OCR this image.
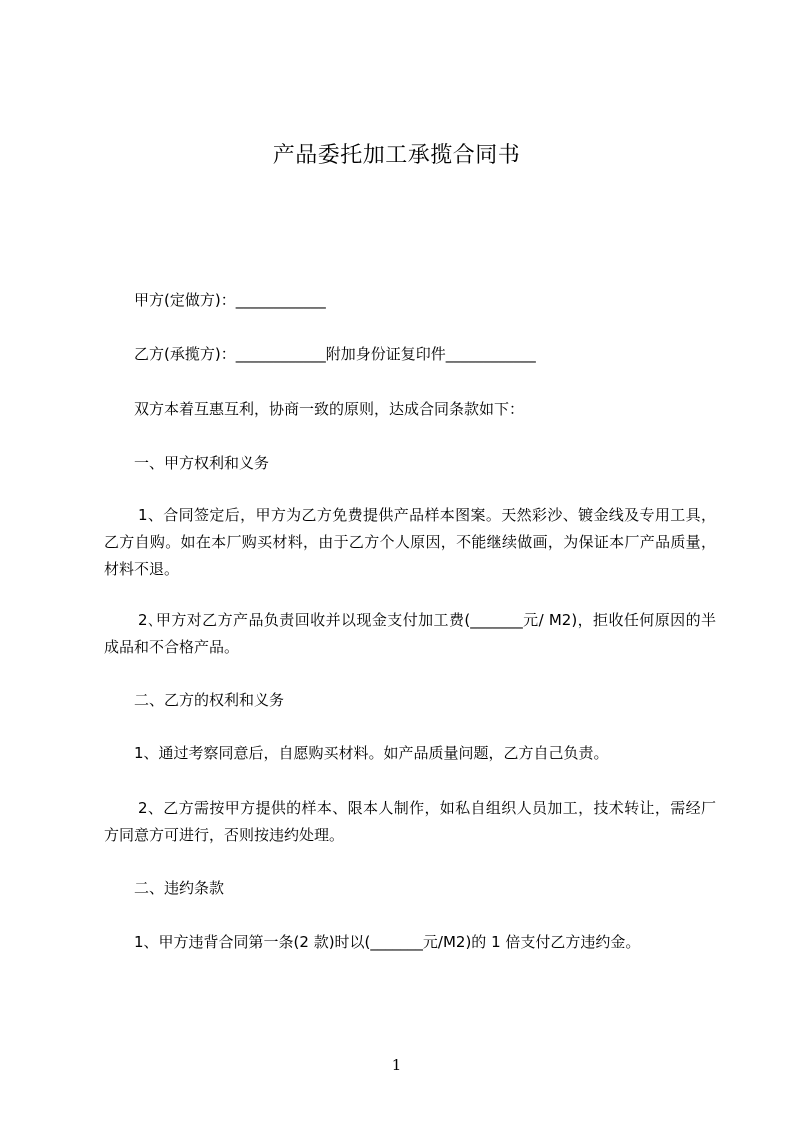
产品委托加工承揽合同书
甲方(定做方)：____________
乙方(承揽方)：____________附加身份证复印件____________
双方本着互惠互利，协商一致的原则，达成合同条款如下：
一、甲方权利和义务
1、合同签定后，甲方为乙方免费提供产品样本图案。天然彩沙、镀金线及专用工具，乙方自购。如在本厂购买材料，由于乙方个人原因，不能继续做画，为保证本厂产品质量，材料不退。
2､甲方对乙方产品负责回收并以现金支付加工费(_______元/ M2)，拒收任何原因的半成品和不合格产品。
二、乙方的权利和义务
1、通过考察同意后，自愿购买材料。如产品质量问题，乙方自己负责。
2、乙方需按甲方提供的样本、限本人制作，如私自组织人员加工，技术转让，需经厂方同意方可进行，否则按违约处理。
二、违约条款
1、甲方违背合同第一条(2 款)时以(_______元/M2)的 1 倍支付乙方违约金。
1
